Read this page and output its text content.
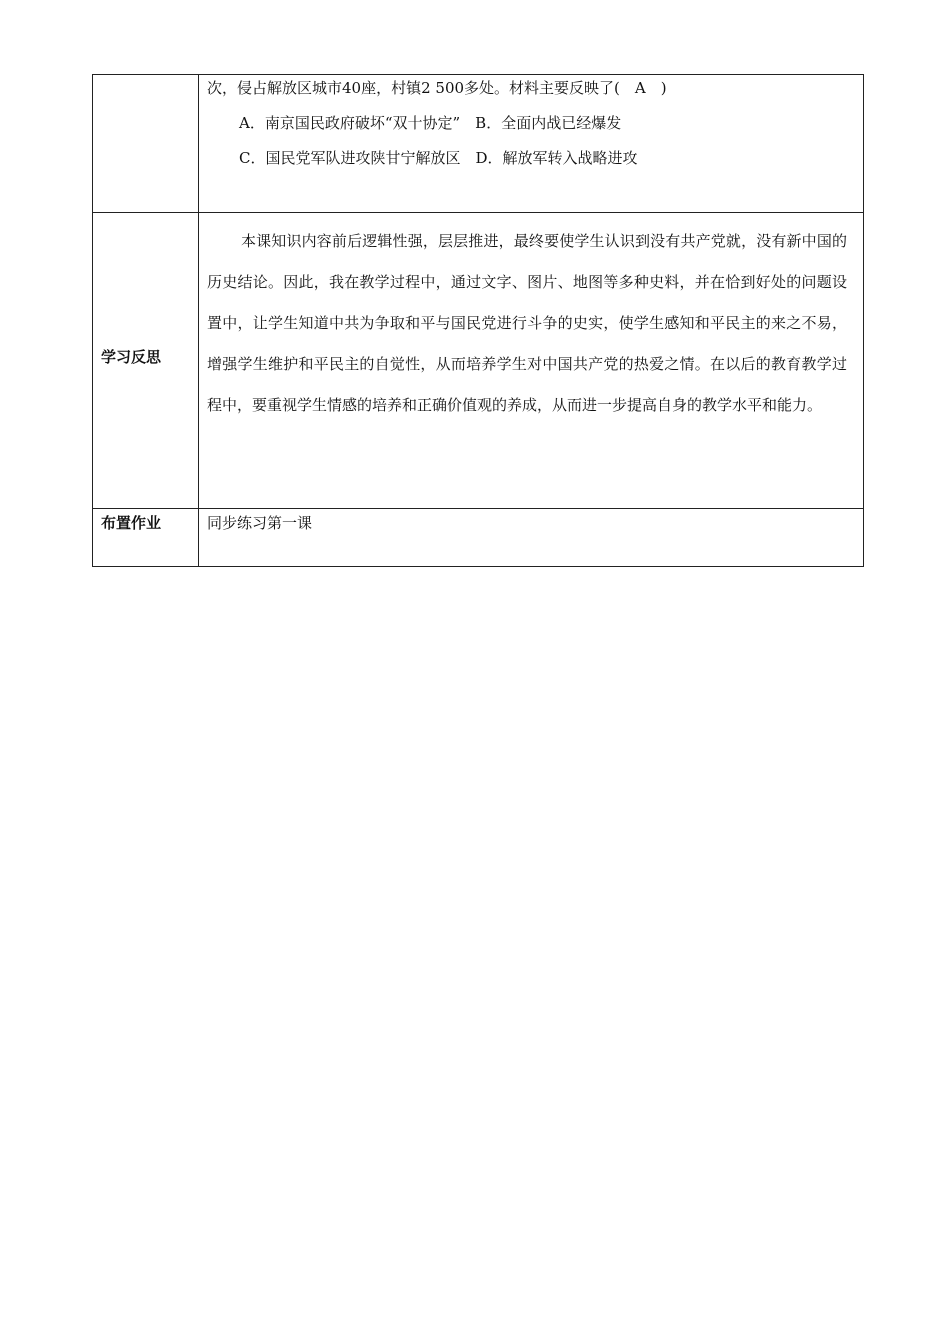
	次，侵占解放区城市40座，村镇2 500多处。材料主要反映了(　A　)
A．南京国民政府破坏“双十协定”　B．全面内战已经爆发
C．国民党军队进攻陕甘宁解放区　D．解放军转入战略进攻

学习反思	本课知识内容前后逻辑性强，层层推进，最终要使学生认识到没有共产党就，没有新中国的历史结论。因此，我在教学过程中，通过文字、图片、地图等多种史料，并在恰到好处的问题设置中，让学生知道中共为争取和平与国民党进行斗争的史实，使学生感知和平民主的来之不易，增强学生维护和平民主的自觉性，从而培养学生对中国共产党的热爱之情。在以后的教育教学过程中，要重视学生情感的培养和正确价值观的养成，从而进一步提高自身的教学水平和能力。

布置作业	同步练习第一课
